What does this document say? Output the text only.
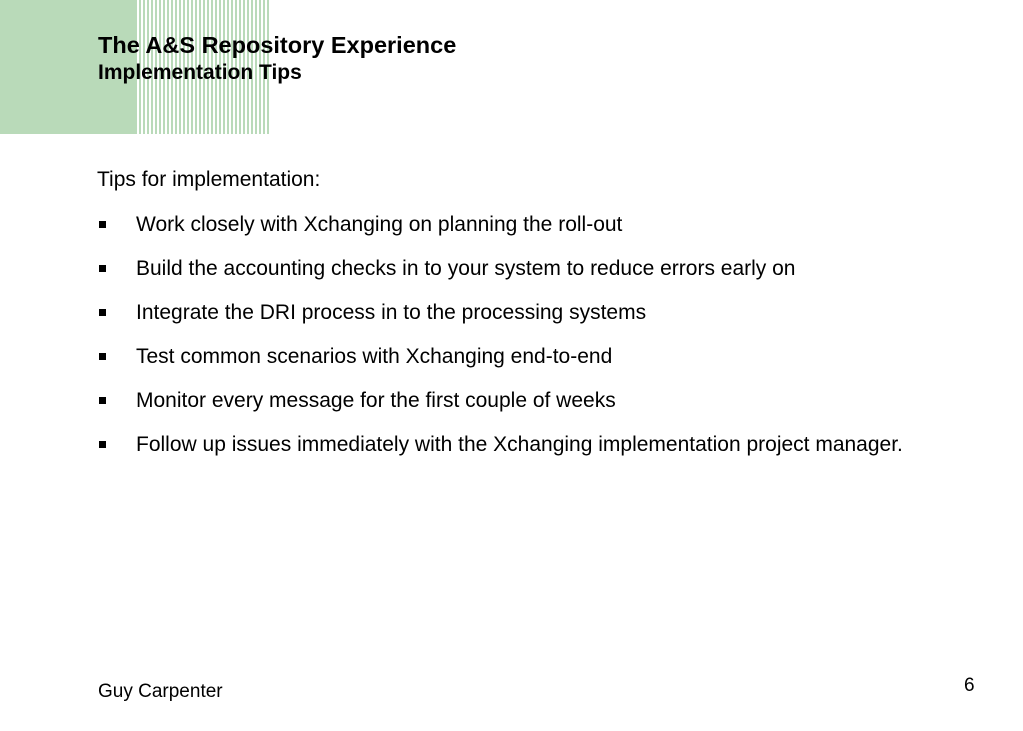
The A&S Repository Experience
Implementation Tips

Tips for implementation:

Work closely with Xchanging on planning the roll-out
Build the accounting checks in to your system to reduce errors early on
Integrate the DRI process in to the processing systems
Test common scenarios with Xchanging end-to-end
Monitor every message for the first couple of weeks
Follow up issues immediately with the Xchanging implementation project manager.
Guy Carpenter	6
